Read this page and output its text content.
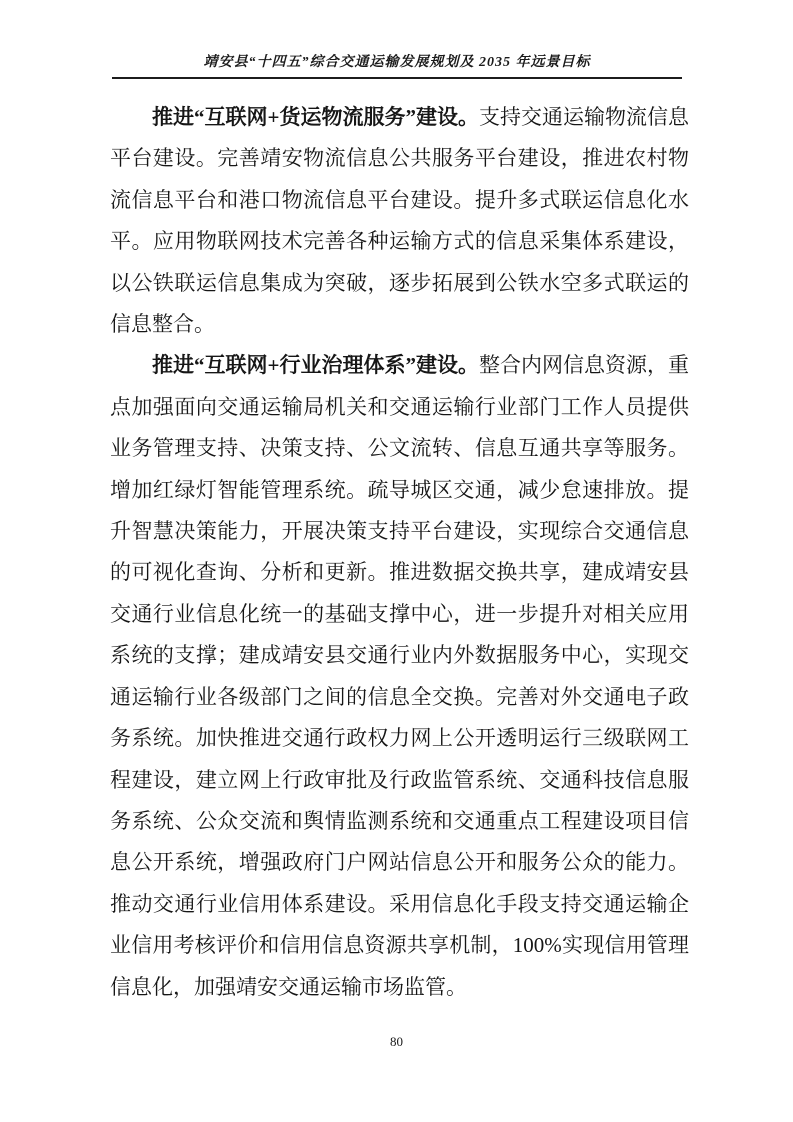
靖安县“十四五”综合交通运输发展规划及 2035 年远景目标

推进“互联网+货运物流服务”建设。支持交通运输物流信息平台建设。完善靖安物流信息公共服务平台建设，推进农村物流信息平台和港口物流信息平台建设。提升多式联运信息化水平。应用物联网技术完善各种运输方式的信息采集体系建设，以公铁联运信息集成为突破，逐步拓展到公铁水空多式联运的信息整合。

推进“互联网+行业治理体系”建设。整合内网信息资源，重点加强面向交通运输局机关和交通运输行业部门工作人员提供业务管理支持、决策支持、公文流转、信息互通共享等服务。增加红绿灯智能管理系统。疏导城区交通，减少怠速排放。提升智慧决策能力，开展决策支持平台建设，实现综合交通信息的可视化查询、分析和更新。推进数据交换共享，建成靖安县交通行业信息化统一的基础支撑中心，进一步提升对相关应用系统的支撑；建成靖安县交通行业内外数据服务中心，实现交通运输行业各级部门之间的信息全交换。完善对外交通电子政务系统。加快推进交通行政权力网上公开透明运行三级联网工程建设，建立网上行政审批及行政监管系统、交通科技信息服务系统、公众交流和舆情监测系统和交通重点工程建设项目信息公开系统，增强政府门户网站信息公开和服务公众的能力。推动交通行业信用体系建设。采用信息化手段支持交通运输企业信用考核评价和信用信息资源共享机制，100%实现信用管理信息化，加强靖安交通运输市场监管。

80
